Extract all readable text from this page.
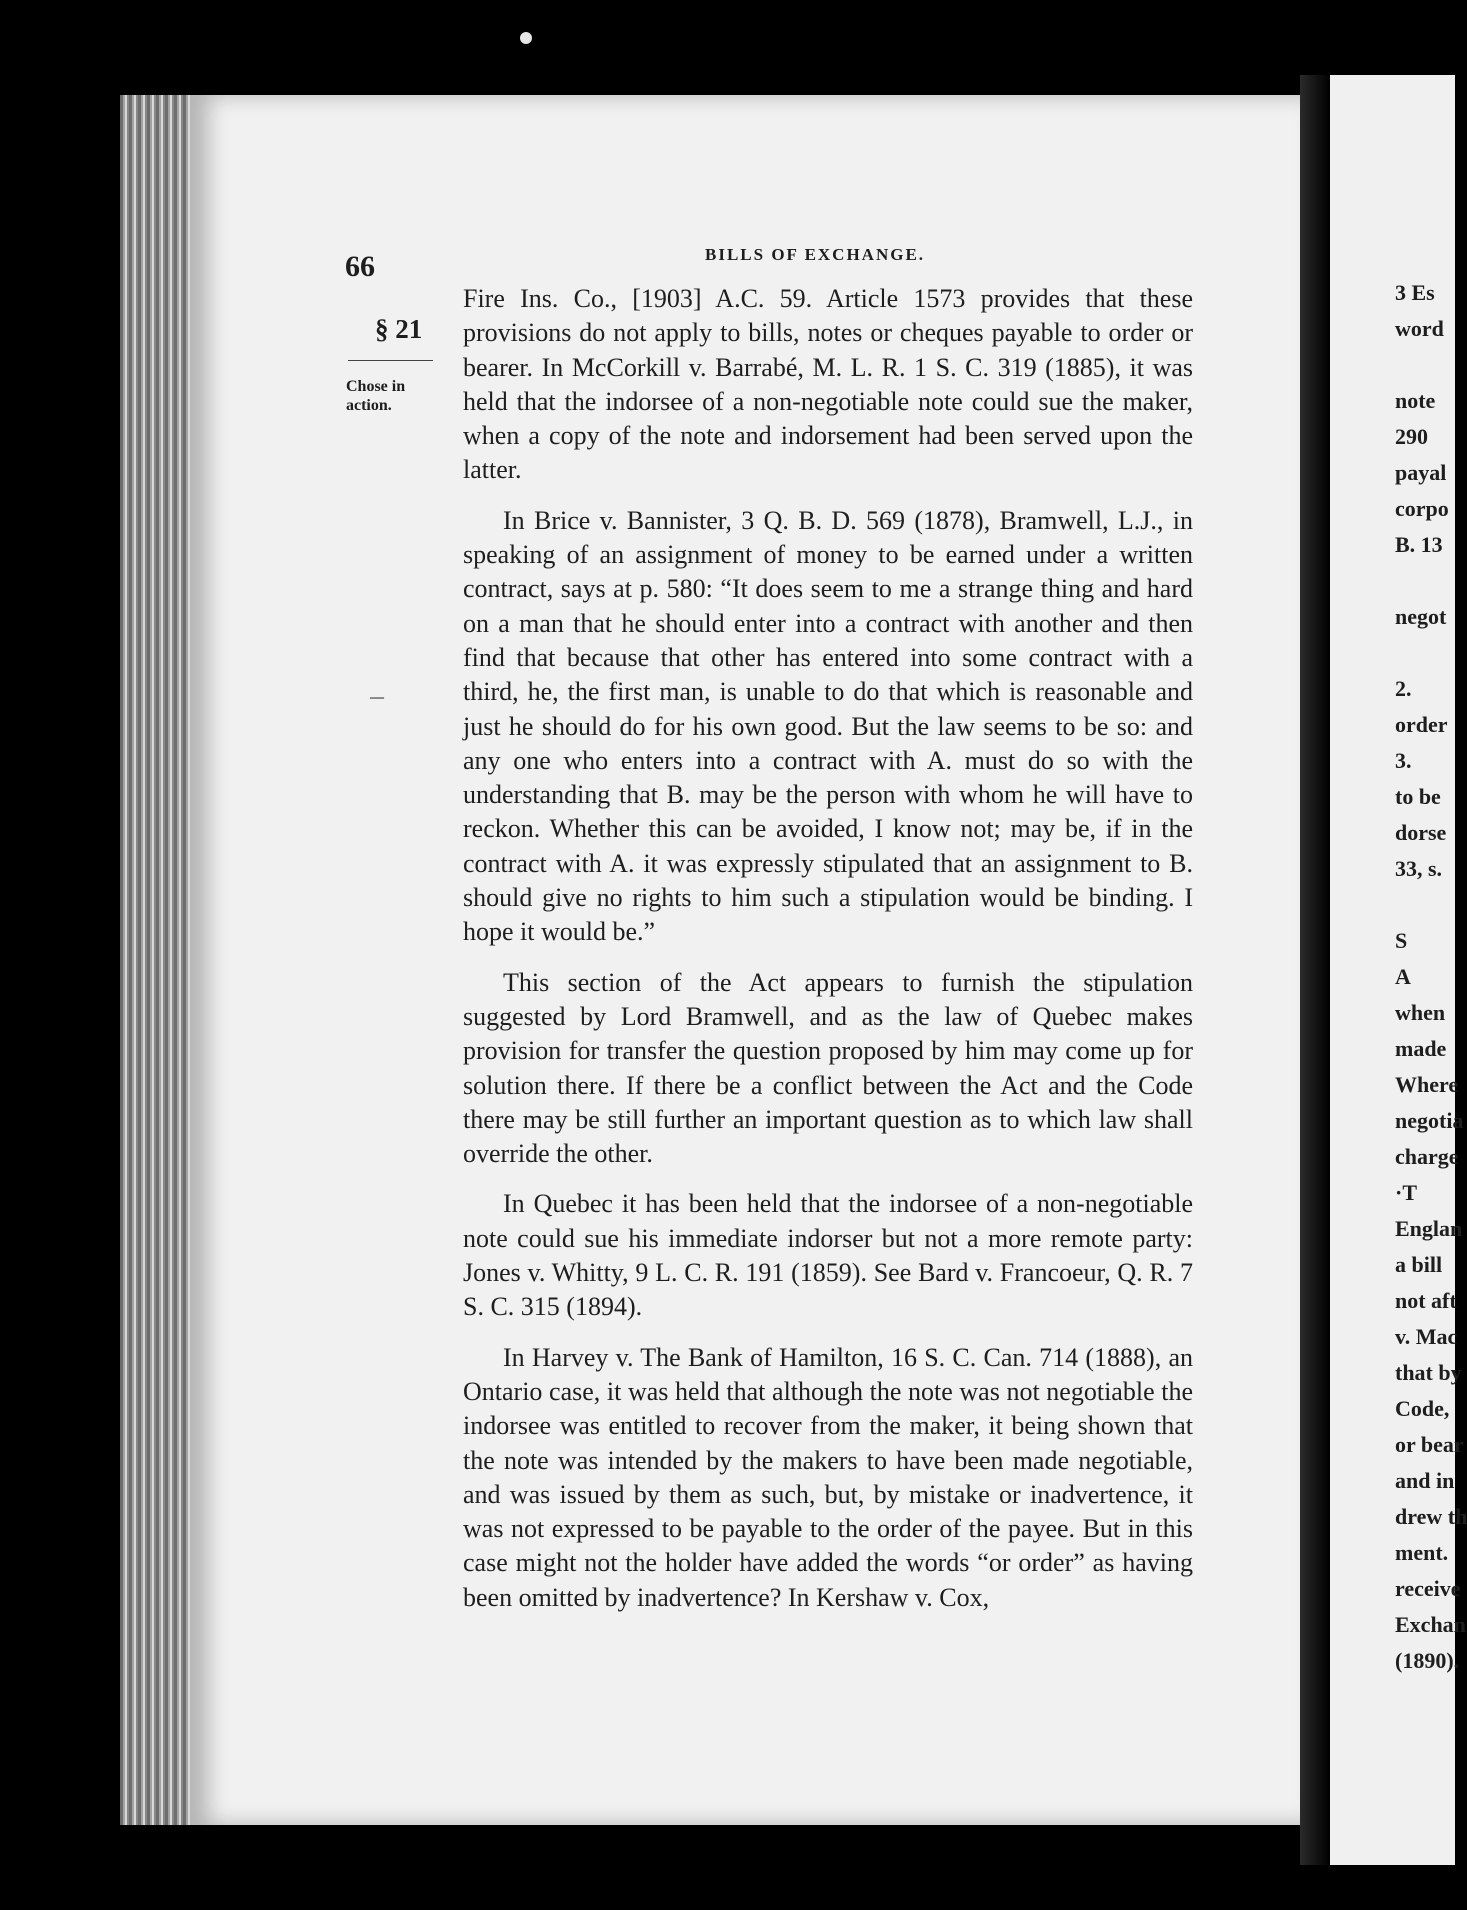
66	BILLS OF EXCHANGE.
§ 21
Chose in action.
—

Fire Ins. Co., [1903] A.C. 59. Article 1573 provides that these provisions do not apply to bills, notes or cheques payable to order or bearer. In McCorkill v. Barrabé, M. L. R. 1 S. C. 319 (1885), it was held that the indorsee of a non-negotiable note could sue the maker, when a copy of the note and indorsement had been served upon the latter.

In Brice v. Bannister, 3 Q. B. D. 569 (1878), Bramwell, L.J., in speaking of an assignment of money to be earned under a written contract, says at p. 580: “It does seem to me a strange thing and hard on a man that he should enter into a contract with another and then find that because that other has entered into some contract with a third, he, the first man, is unable to do that which is reasonable and just he should do for his own good. But the law seems to be so: and any one who enters into a contract with A. must do so with the understanding that B. may be the person with whom he will have to reckon. Whether this can be avoided, I know not; may be, if in the contract with A. it was expressly stipulated that an assignment to B. should give no rights to him such a stipulation would be binding. I hope it would be.”

This section of the Act appears to furnish the stipulation suggested by Lord Bramwell, and as the law of Quebec makes provision for transfer the question proposed by him may come up for solution there. If there be a conflict between the Act and the Code there may be still further an important question as to which law shall override the other.

In Quebec it has been held that the indorsee of a non-negotiable note could sue his immediate indorser but not a more remote party: Jones v. Whitty, 9 L. C. R. 191 (1859). See Bard v. Francoeur, Q. R. 7 S. C. 315 (1894).

In Harvey v. The Bank of Hamilton, 16 S. C. Can. 714 (1888), an Ontario case, it was held that although the note was not negotiable the indorsee was entitled to recover from the maker, it being shown that the note was intended by the makers to have been made negotiable, and was issued by them as such, but, by mistake or inadvertence, it was not expressed to be payable to the order of the payee. But in this case might not the holder have added the words “or order” as having been omitted by inadvertence? In Kershaw v. Cox,

3 Es
word

note
290
payal
corpo
B. 13

negot

2.
order
3.
to be
dorse
33, s.

S
A
when
made
Where
negotia
charge
·T
Englan
a bill
not aft
v. Mac
that by
Code,
or bear
and in
drew th
ment.
receive
Exchan
(1890).
